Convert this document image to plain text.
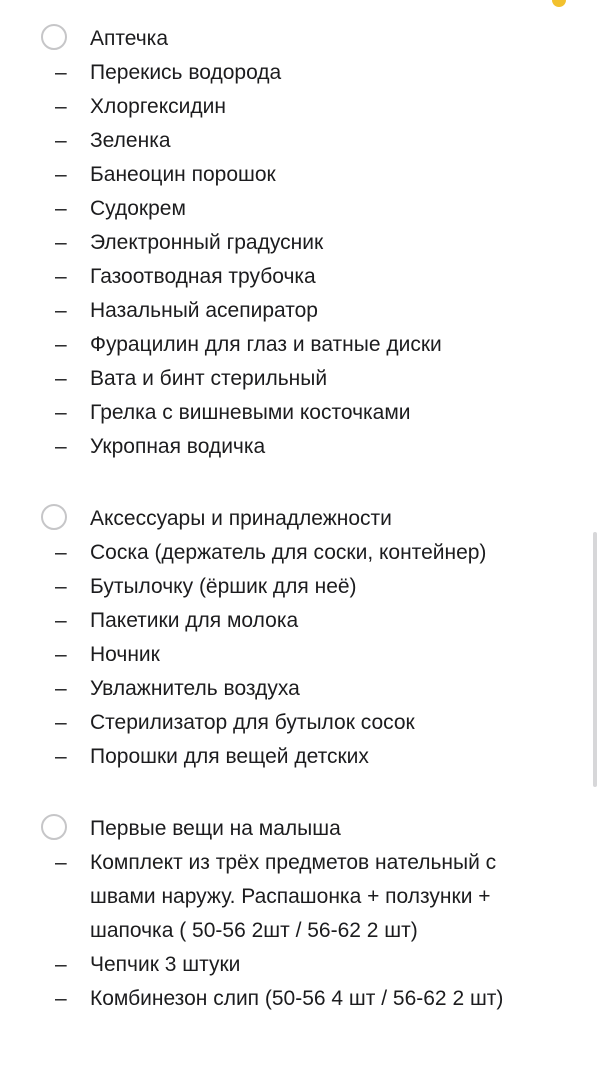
Аптечка
– Перекись водорода
– Хлоргексидин
– Зеленка
– Банеоцин порошок
– Судокрем
– Электронный градусник
– Газоотводная трубочка
– Назальный асепиратор
– Фурацилин для глаз и ватные диски
– Вата и бинт стерильный
– Грелка с вишневыми косточками
– Укропная водичка
Аксессуары и принадлежности
– Соска (держатель для соски, контейнер)
– Бутылочку (ёршик для неё)
– Пакетики для молока
– Ночник
– Увлажнитель воздуха
– Стерилизатор для бутылок сосок
– Порошки для вещей детских
Первые вещи на малыша
– Комплект из трёх предметов нательный с швами наружу. Распашонка + ползунки + шапочка ( 50-56 2шт / 56-62 2 шт)
– Чепчик 3 штуки
– Комбинезон слип (50-56 4 шт / 56-62 2 шт)
